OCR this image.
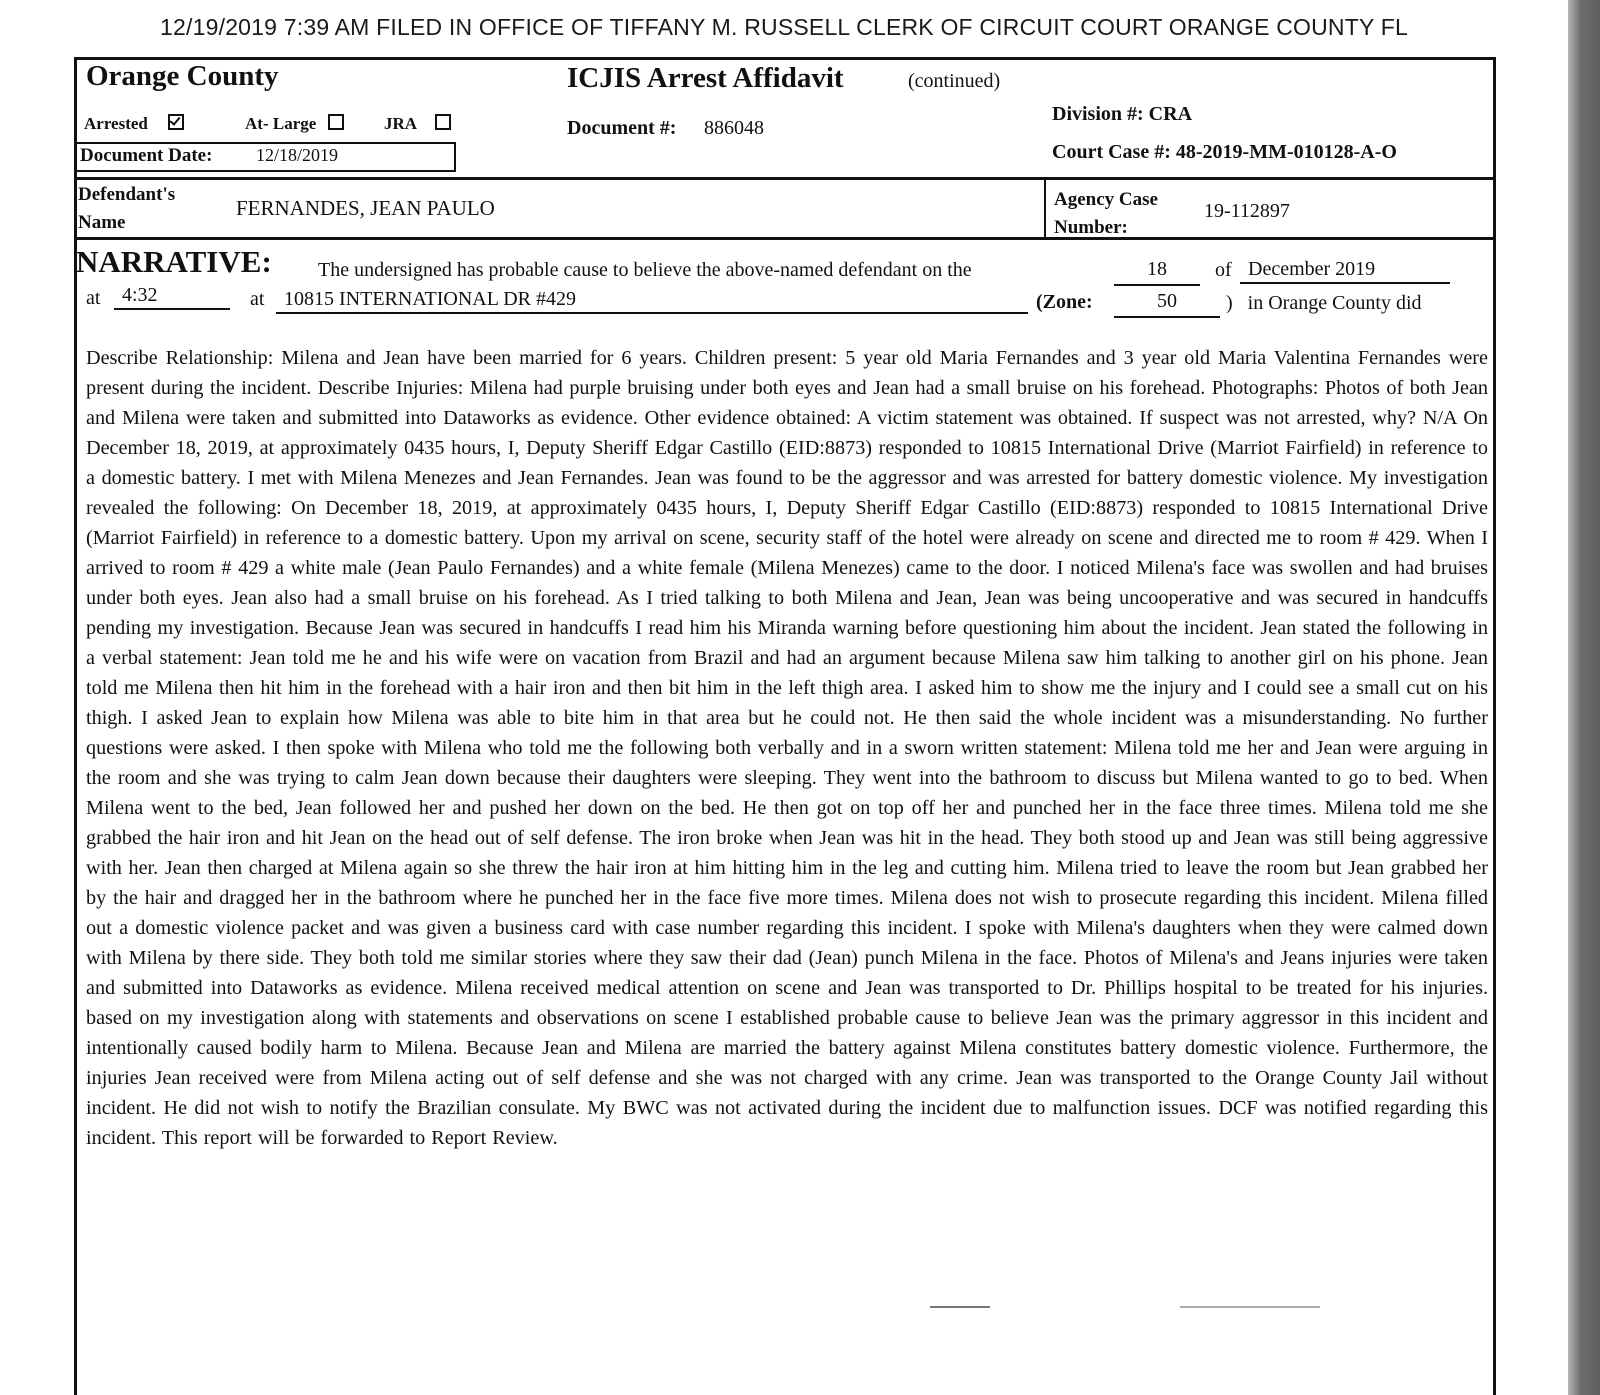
12/19/2019 7:39 AM FILED IN OFFICE OF TIFFANY M. RUSSELL CLERK OF CIRCUIT COURT ORANGE COUNTY FL
Orange County	ICJIS Arrest Affidavit	(continued)
Arrested	At- Large	JRA	Document #: 886048
Division #: CRA
Court Case #: 48-2019-MM-010128-A-O
Document Date: 12/18/2019
Defendant's
Name
FERNANDES, JEAN PAULO	Agency Case
Number:
19-112897
NARRATIVE: The undersigned has probable cause to believe the above-named defendant on the	18	of December 2019
at	4:32	at 10815 INTERNATIONAL DR #429	(Zone:	50	)   in Orange County did
Describe Relationship: Milena and Jean have been married for 6 years. Children present: 5 year old Maria Fernandes and 3 year old Maria Valentina Fernandes were present during the incident. Describe Injuries: Milena had purple bruising under both eyes and Jean had a small bruise on his forehead. Photographs: Photos of both Jean and Milena were taken and submitted into Dataworks as evidence. Other evidence obtained: A victim statement was obtained. If suspect was not arrested, why? N/A On December 18, 2019, at approximately 0435 hours, I, Deputy Sheriff Edgar Castillo (EID:8873) responded to 10815 International Drive (Marriot Fairfield) in reference to a domestic battery. I met with Milena Menezes and Jean Fernandes. Jean was found to be the aggressor and was arrested for battery domestic violence. My investigation revealed the following: On December 18, 2019, at approximately 0435 hours, I, Deputy Sheriff Edgar Castillo (EID:8873) responded to 10815 International Drive (Marriot Fairfield) in reference to a domestic battery. Upon my arrival on scene, security staff of the hotel were already on scene and directed me to room # 429. When I arrived to room # 429 a white male (Jean Paulo Fernandes) and a white female (Milena Menezes) came to the door. I noticed Milena's face was swollen and had bruises under both eyes. Jean also had a small bruise on his forehead. As I tried talking to both Milena and Jean, Jean was being uncooperative and was secured in handcuffs pending my investigation. Because Jean was secured in handcuffs I read him his Miranda warning before questioning him about the incident. Jean stated the following in a verbal statement: Jean told me he and his wife were on vacation from Brazil and had an argument because Milena saw him talking to another girl on his phone. Jean told me Milena then hit him in the forehead with a hair iron and then bit him in the left thigh area. I asked him to show me the injury and I could see a small cut on his thigh. I asked Jean to explain how Milena was able to bite him in that area but he could not. He then said the whole incident was a misunderstanding. No further questions were asked. I then spoke with Milena who told me the following both verbally and in a sworn written statement: Milena told me her and Jean were arguing in the room and she was trying to calm Jean down because their daughters were sleeping. They went into the bathroom to discuss but Milena wanted to go to bed. When Milena went to the bed, Jean followed her and pushed her down on the bed. He then got on top off her and punched her in the face three times. Milena told me she grabbed the hair iron and hit Jean on the head out of self defense. The iron broke when Jean was hit in the head. They both stood up and Jean was still being aggressive with her. Jean then charged at Milena again so she threw the hair iron at him hitting him in the leg and cutting him. Milena tried to leave the room but Jean grabbed her by the hair and dragged her in the bathroom where he punched her in the face five more times. Milena does not wish to prosecute regarding this incident. Milena filled out a domestic violence packet and was given a business card with case number regarding this incident. I spoke with Milena's daughters when they were calmed down with Milena by there side. They both told me similar stories where they saw their dad (Jean) punch Milena in the face. Photos of Milena's and Jeans injuries were taken and submitted into Dataworks as evidence. Milena received medical attention on scene and Jean was transported to Dr. Phillips hospital to be treated for his injuries. based on my investigation along with statements and observations on scene I established probable cause to believe Jean was the primary aggressor in this incident and intentionally caused bodily harm to Milena. Because Jean and Milena are married the battery against Milena constitutes battery domestic violence. Furthermore, the injuries Jean received were from Milena acting out of self defense and she was not charged with any crime. Jean was transported to the Orange County Jail without incident. He did not wish to notify the Brazilian consulate. My BWC was not activated during the incident due to malfunction issues. DCF was notified regarding this incident. This report will be forwarded to Report Review.
